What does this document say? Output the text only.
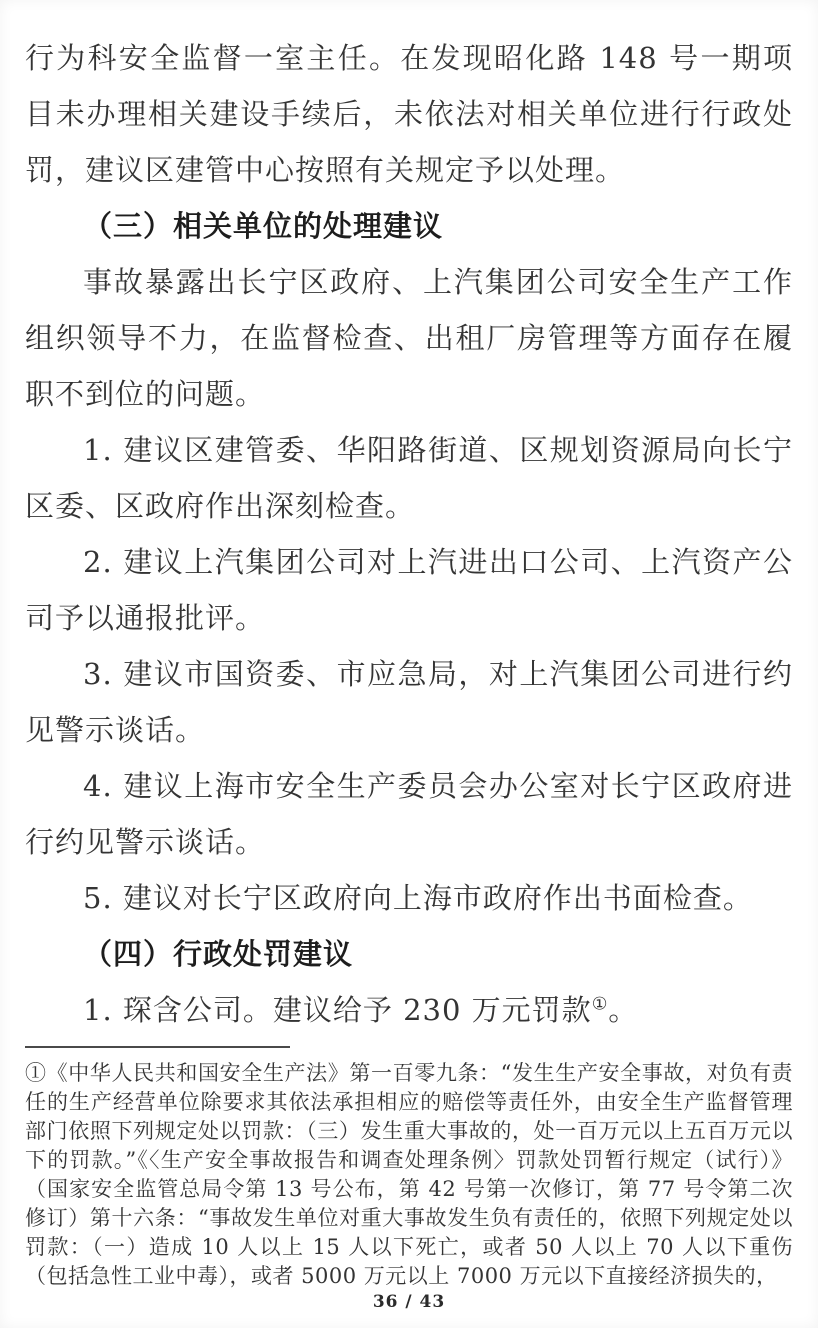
行为科安全监督一室主任。在发现昭化路 148 号一期项目未办理相关建设手续后，未依法对相关单位进行行政处罚，建议区建管中心按照有关规定予以处理。

（三）相关单位的处理建议

事故暴露出长宁区政府、上汽集团公司安全生产工作组织领导不力，在监督检查、出租厂房管理等方面存在履职不到位的问题。

1. 建议区建管委、华阳路街道、区规划资源局向长宁区委、区政府作出深刻检查。

2. 建议上汽集团公司对上汽进出口公司、上汽资产公司予以通报批评。

3. 建议市国资委、市应急局，对上汽集团公司进行约见警示谈话。

4. 建议上海市安全生产委员会办公室对长宁区政府进行约见警示谈话。

5. 建议对长宁区政府向上海市政府作出书面检查。

（四）行政处罚建议

1. 琛含公司。建议给予 230 万元罚款①。

①《中华人民共和国安全生产法》第一百零九条：“发生生产安全事故，对负有责任的生产经营单位除要求其依法承担相应的赔偿等责任外，由安全生产监督管理部门依照下列规定处以罚款：（三）发生重大事故的，处一百万元以上五百万元以下的罚款。”《〈生产安全事故报告和调查处理条例〉罚款处罚暂行规定（试行）》（国家安全监管总局令第 13 号公布，第 42 号第一次修订，第 77 号令第二次修订）第十六条：“事故发生单位对重大事故发生负有责任的，依照下列规定处以罚款：（一）造成 10 人以上 15 人以下死亡，或者 50 人以上 70 人以下重伤（包括急性工业中毒），或者 5000 万元以上 7000 万元以下直接经济损失的，

36 / 43
